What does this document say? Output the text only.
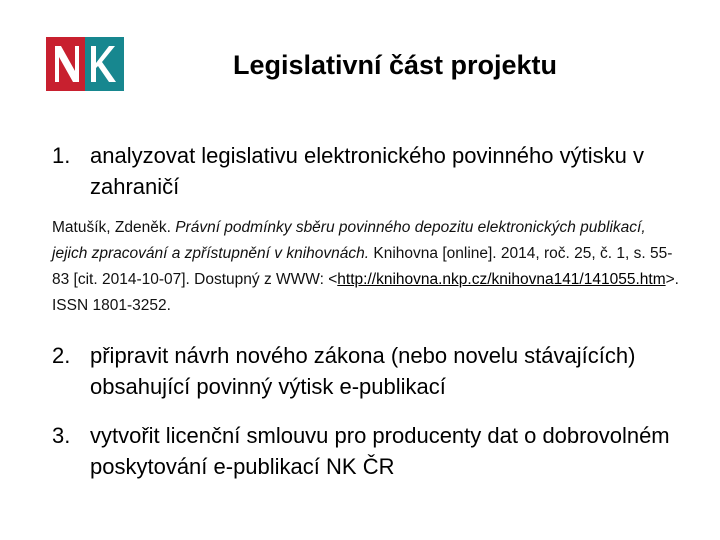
Legislativní část projektu
1. analyzovat legislativu elektronického povinného výtisku v zahraničí
Matušík, Zdeněk. Právní podmínky sběru povinného depozitu elektronických publikací, jejich zpracování a zpřístupnění v knihovnách. Knihovna [online]. 2014, roč. 25, č. 1, s. 55-83 [cit. 2014-10-07]. Dostupný z WWW: <http://knihovna.nkp.cz/knihovna141/141055.htm>. ISSN 1801-3252.
2. připravit návrh nového zákona (nebo novelu stávajících) obsahující povinný výtisk e-publikací
3. vytvořit licenční smlouvu pro producenty dat o dobrovolném poskytování e-publikací NK ČR
